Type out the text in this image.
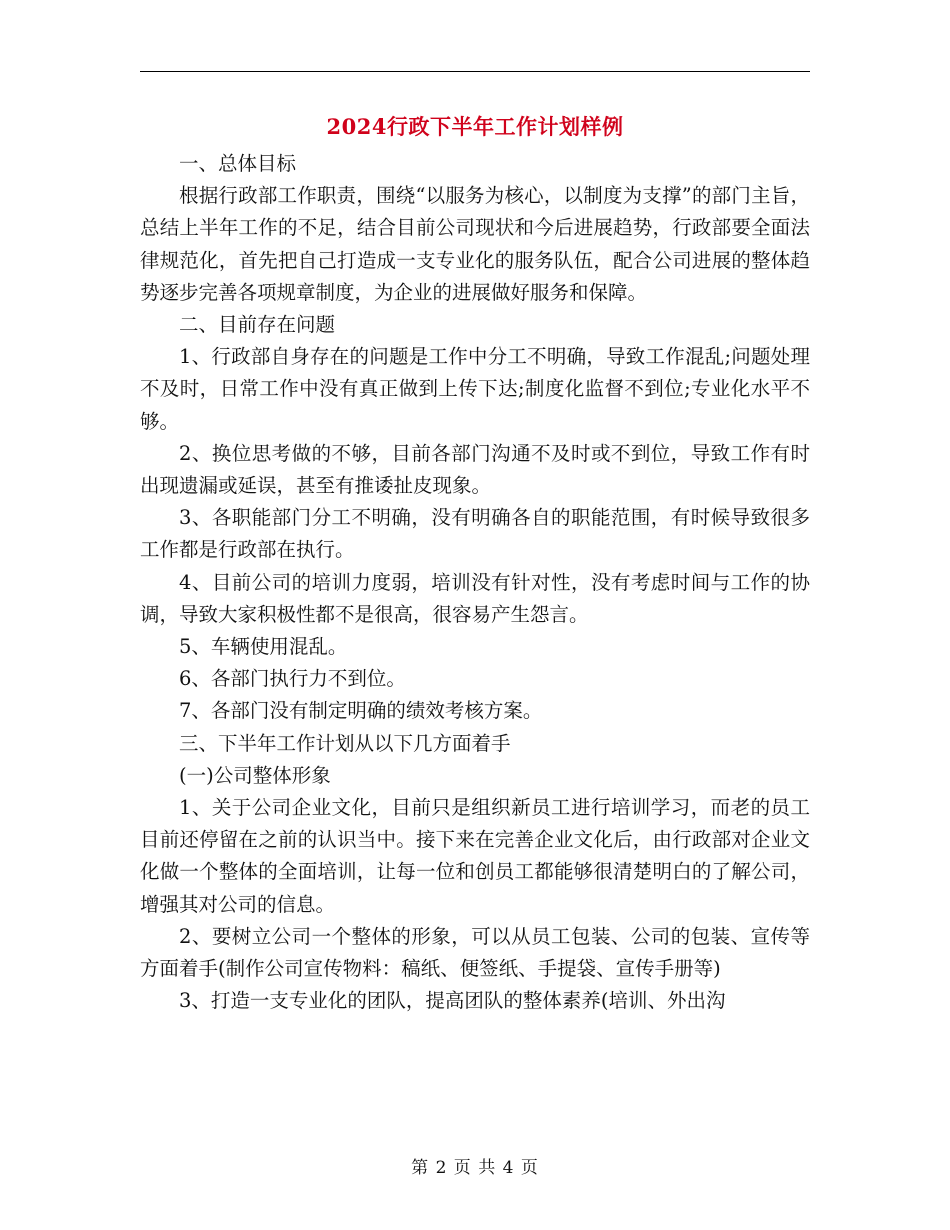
2024行政下半年工作计划样例

一、总体目标

根据行政部工作职责，围绕“以服务为核心，以制度为支撑”的部门主旨，总结上半年工作的不足，结合目前公司现状和今后进展趋势，行政部要全面法律规范化，首先把自己打造成一支专业化的服务队伍，配合公司进展的整体趋势逐步完善各项规章制度，为企业的进展做好服务和保障。

二、目前存在问题

1、行政部自身存在的问题是工作中分工不明确，导致工作混乱;问题处理不及时，日常工作中没有真正做到上传下达;制度化监督不到位;专业化水平不够。

2、换位思考做的不够，目前各部门沟通不及时或不到位，导致工作有时出现遗漏或延误，甚至有推诿扯皮现象。

3、各职能部门分工不明确，没有明确各自的职能范围，有时候导致很多工作都是行政部在执行。

4、目前公司的培训力度弱，培训没有针对性，没有考虑时间与工作的协调，导致大家积极性都不是很高，很容易产生怨言。

5、车辆使用混乱。

6、各部门执行力不到位。

7、各部门没有制定明确的绩效考核方案。

三、下半年工作计划从以下几方面着手

(一)公司整体形象

1、关于公司企业文化，目前只是组织新员工进行培训学习，而老的员工目前还停留在之前的认识当中。接下来在完善企业文化后，由行政部对企业文化做一个整体的全面培训，让每一位和创员工都能够很清楚明白的了解公司，增强其对公司的信息。

2、要树立公司一个整体的形象，可以从员工包装、公司的包装、宣传等方面着手(制作公司宣传物料：稿纸、便签纸、手提袋、宣传手册等)

3、打造一支专业化的团队，提高团队的整体素养(培训、外出沟

第 2 页 共 4 页
